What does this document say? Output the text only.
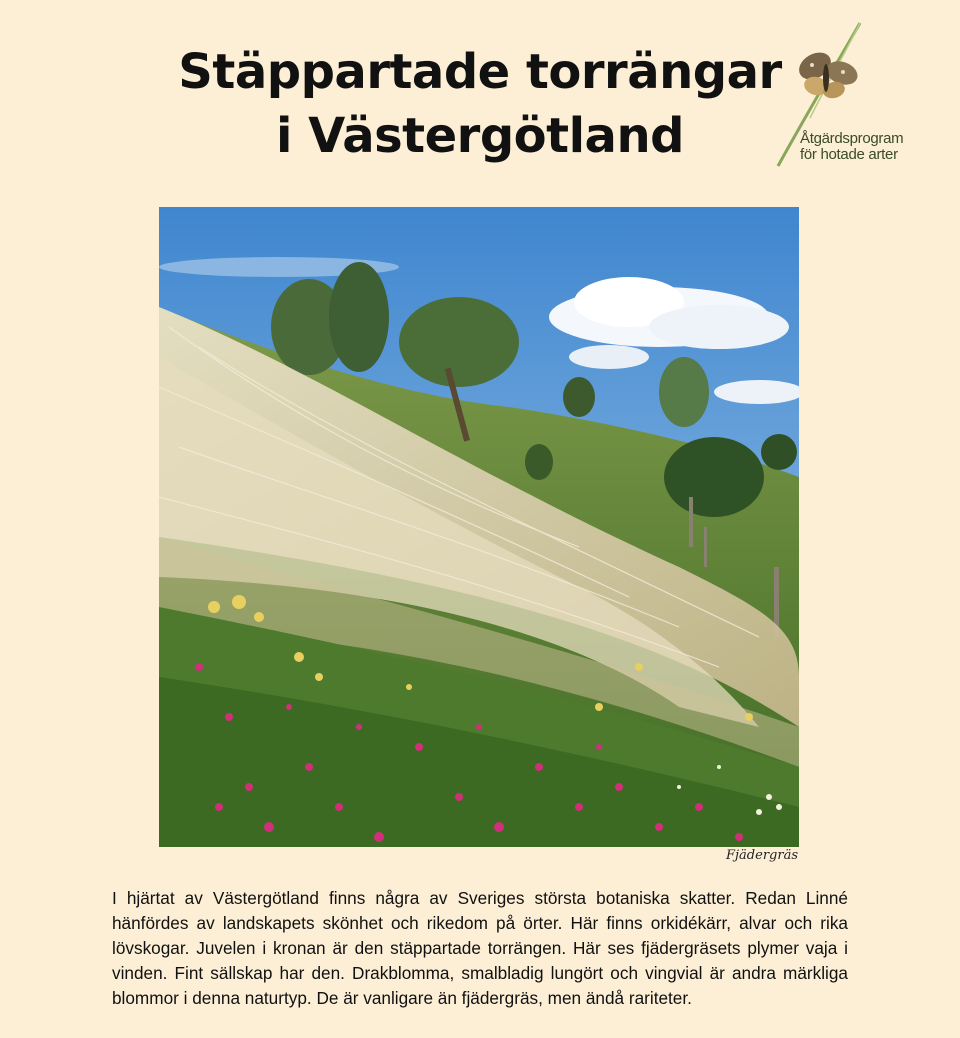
Stäppartade torrängar
i Västergötland	Åtgärdsprogram
för hotade arter
Fjädergräs
I hjärtat av Västergötland finns några av Sveriges största botaniska skatter. Redan Linné hänfördes av landskapets skönhet och rikedom på örter. Här finns orkidékärr, alvar och rika lövskogar. Juvelen i kronan är den stäppartade torrängen. Här ses fjädergräsets plymer vaja i vinden. Fint sällskap har den. Drakblomma, smalbladig lungört och vingvial är andra märkliga blommor i denna naturtyp. De är vanligare än fjädergräs, men ändå rariteter.
